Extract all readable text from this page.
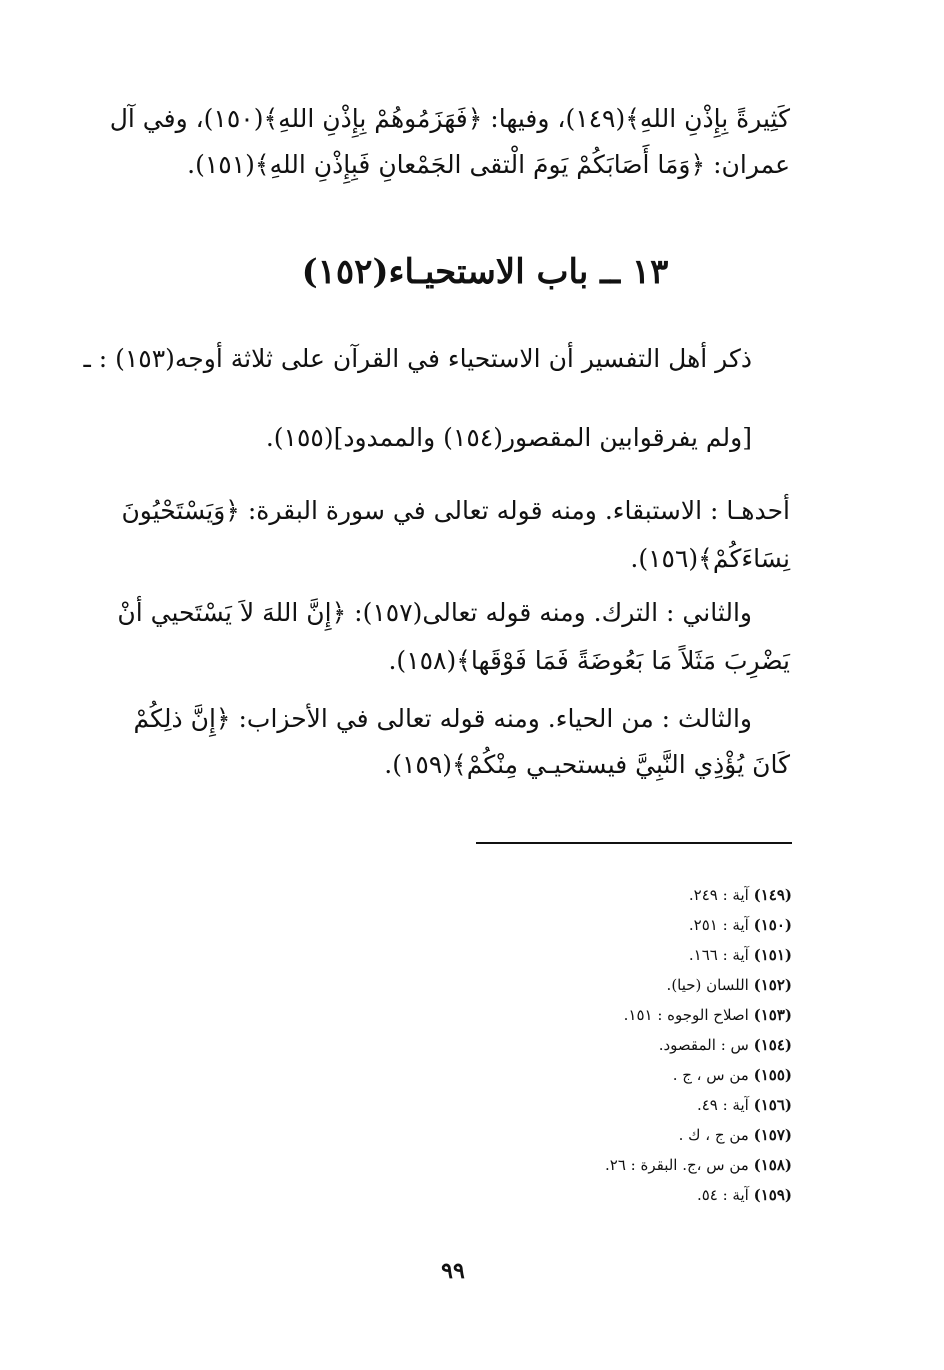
كَثِيرةً بِإِذْنِ اللهِ﴾(١٤٩)، وفيها: ﴿فَهَزَمُوهُمْ بِإِذْنِ اللهِ﴾(١٥٠)، وفي آل
عمران: ﴿وَمَا أَصَابَكُمْ يَومَ الْتقى الجَمْعانِ فَبِإِذْنِ اللهِ﴾(١٥١).
١٣ ــ باب الاستحيـاء(١٥٢)
ذكر أهل التفسير أن الاستحياء في القرآن على ثلاثة أوجه(١٥٣) : ـ
[ولم يفرقوابين المقصور(١٥٤) والممدود](١٥٥).
أحدهـا : الاستبقاء. ومنه قوله تعالى في سورة البقرة: ﴿وَيَسْتَحْيُونَ
نِسَاءَكُمْ﴾(١٥٦).
والثاني : الترك. ومنه قوله تعالى(١٥٧): ﴿إِنَّ اللهَ لاَ يَسْتَحيي أنْ
يَضْرِبَ مَثَلاً مَا بَعُوضَةً فَمَا فَوْقَها﴾(١٥٨).
والثالث : من الحياء. ومنه قوله تعالى في الأحزاب: ﴿إِنَّ ذلِكُمْ
كَانَ يُؤْذِي النَّبِيَّ فيستحيـي مِنْكُمْ﴾(١٥٩).
(١٤٩) آية : ٢٤٩.
(١٥٠) آية : ٢٥١.
(١٥١) آية : ١٦٦.
(١٥٢) اللسان (حيا).
(١٥٣) اصلاح الوجوه : ١٥١.
(١٥٤) س : المقصود.
(١٥٥) من س ، ج .
(١٥٦) آية : ٤٩.
(١٥٧) من ج ، ك .
(١٥٨) من س ،ج. البقرة : ٢٦.
(١٥٩) آية : ٥٤.
٩٩
